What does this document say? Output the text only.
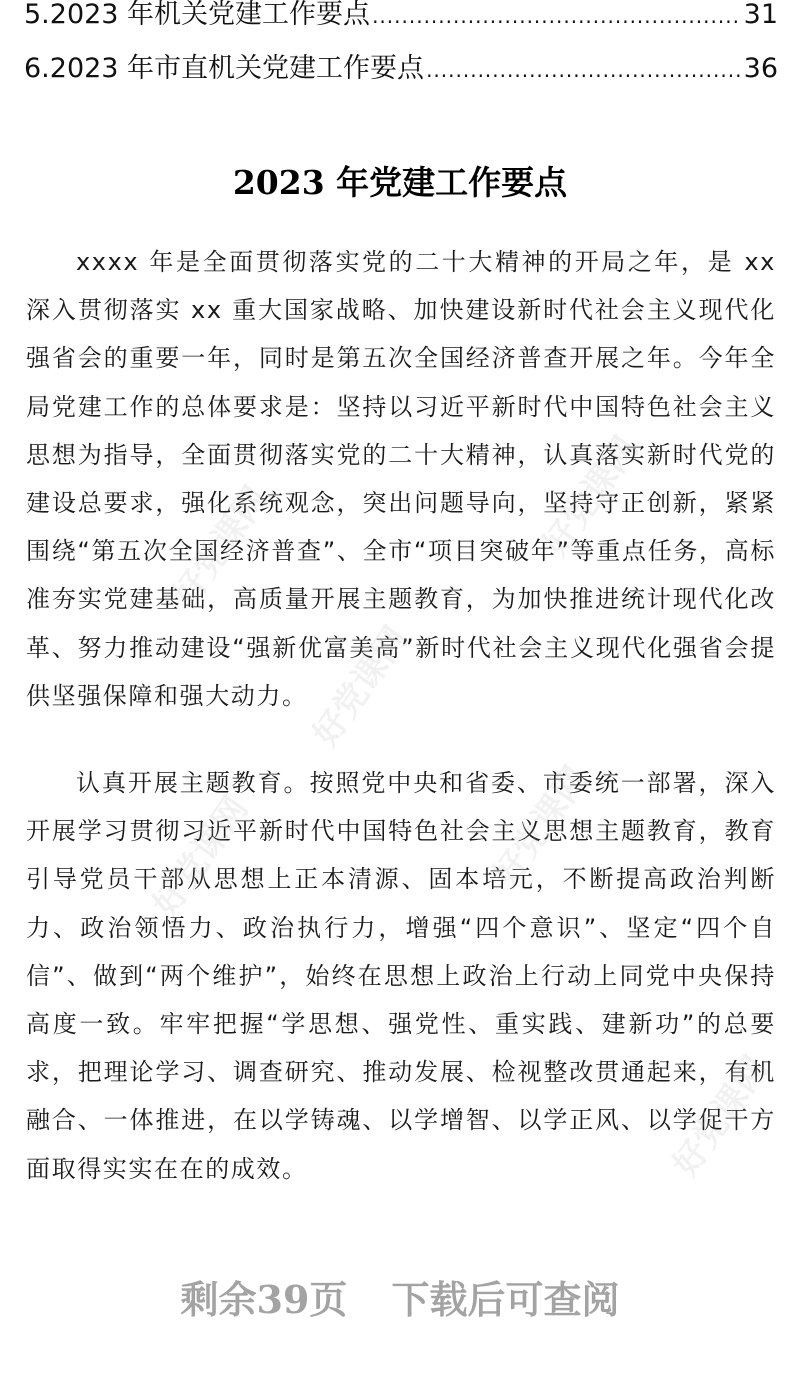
5.2023 年机关党建工作要点 .....	31
6.2023 年市直机关党建工作要点 .....	36
2023 年党建工作要点

xxxx 年是全面贯彻落实党的二十大精神的开局之年，是 xx 深入贯彻落实 xx 重大国家战略、加快建设新时代社会主义现代化强省会的重要一年，同时是第五次全国经济普查开展之年。今年全局党建工作的总体要求是：坚持以习近平新时代中国特色社会主义思想为指导，全面贯彻落实党的二十大精神，认真落实新时代党的建设总要求，强化系统观念，突出问题导向，坚持守正创新，紧紧围绕“第五次全国经济普查”、全市“项目突破年”等重点任务，高标准夯实党建基础，高质量开展主题教育，为加快推进统计现代化改革、努力推动建设“强新优富美高”新时代社会主义现代化强省会提供坚强保障和强大动力。

认真开展主题教育。按照党中央和省委、市委统一部署，深入开展学习贯彻习近平新时代中国特色社会主义思想主题教育，教育引导党员干部从思想上正本清源、固本培元，不断提高政治判断力、政治领悟力、政治执行力，增强“四个意识”、坚定“四个自信”、做到“两个维护”，始终在思想上政治上行动上同党中央保持高度一致。牢牢把握“学思想、强党性、重实践、建新功”的总要求，把理论学习、调查研究、推动发展、检视整改贯通起来，有机融合、一体推进，在以学铸魂、以学增智、以学正风、以学促干方面取得实实在在的成效。

好党课网	好党课网
好党课网
好党课网	好党课网
好党课网
剩余39页 下载后可查阅
